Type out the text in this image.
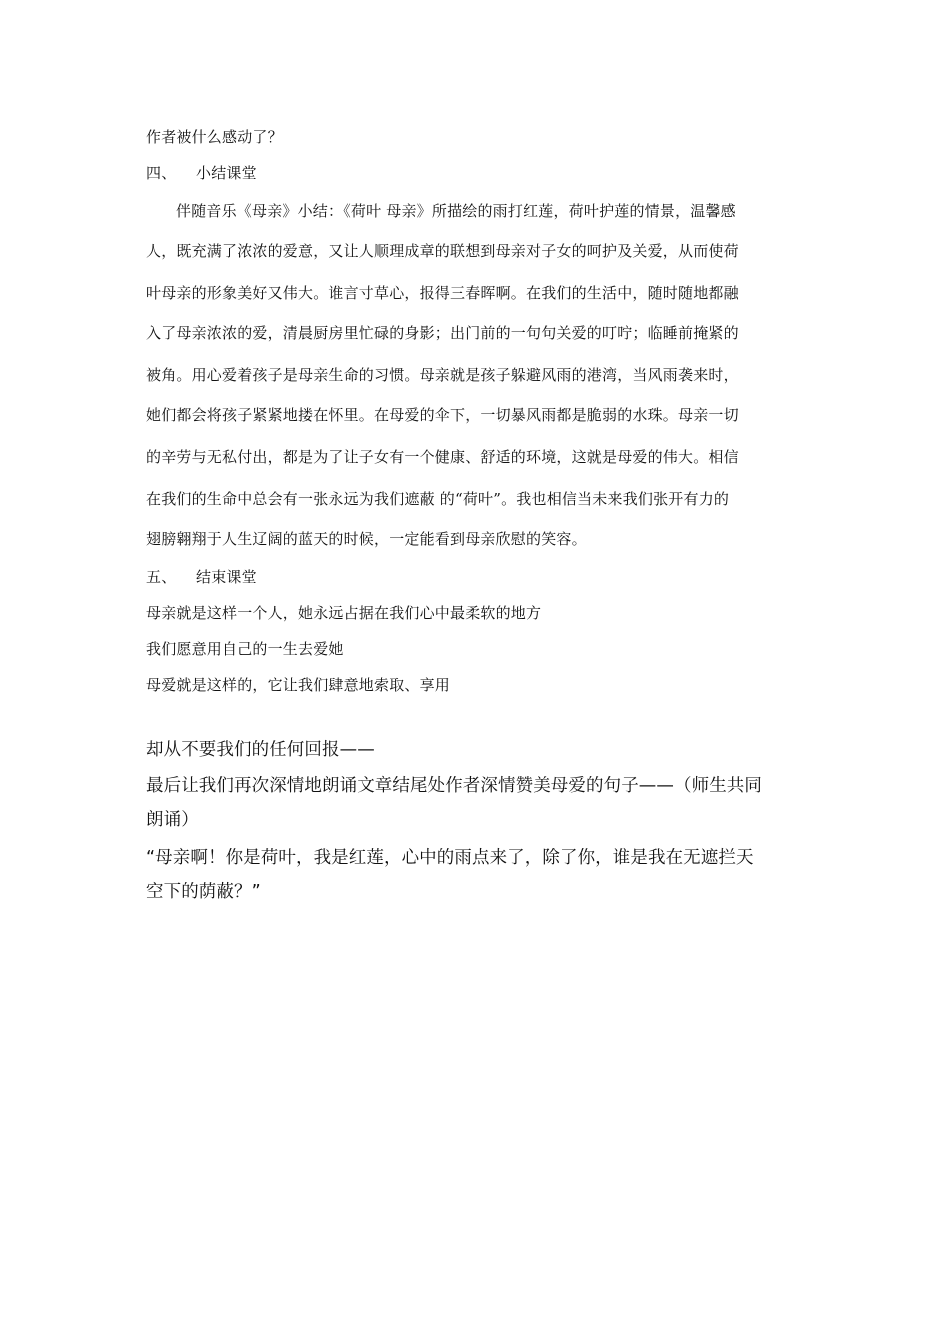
作者被什么感动了？
四、 小结课堂
伴随音乐《母亲》小结：《荷叶 母亲》所描绘的雨打红莲，荷叶护莲的情景，温馨感
人，既充满了浓浓的爱意，又让人顺理成章的联想到母亲对子女的呵护及关爱，从而使荷
叶母亲的形象美好又伟大。谁言寸草心，报得三春晖啊。在我们的生活中，随时随地都融
入了母亲浓浓的爱，清晨厨房里忙碌的身影；出门前的一句句关爱的叮咛；临睡前掩紧的
被角。用心爱着孩子是母亲生命的习惯。母亲就是孩子躲避风雨的港湾，当风雨袭来时，
她们都会将孩子紧紧地搂在怀里。在母爱的伞下，一切暴风雨都是脆弱的水珠。母亲一切
的辛劳与无私付出，都是为了让子女有一个健康、舒适的环境，这就是母爱的伟大。相信
在我们的生命中总会有一张永远为我们遮蔽 的“荷叶”。我也相信当未来我们张开有力的
翅膀翱翔于人生辽阔的蓝天的时候，一定能看到母亲欣慰的笑容。
五、 结束课堂
母亲就是这样一个人，她永远占据在我们心中最柔软的地方
我们愿意用自己的一生去爱她
母爱就是这样的，它让我们肆意地索取、享用
却从不要我们的任何回报——
最后让我们再次深情地朗诵文章结尾处作者深情赞美母爱的句子——（师生共同
朗诵）
“母亲啊！你是荷叶，我是红莲，心中的雨点来了，除了你，谁是我在无遮拦天
空下的荫蔽？”
